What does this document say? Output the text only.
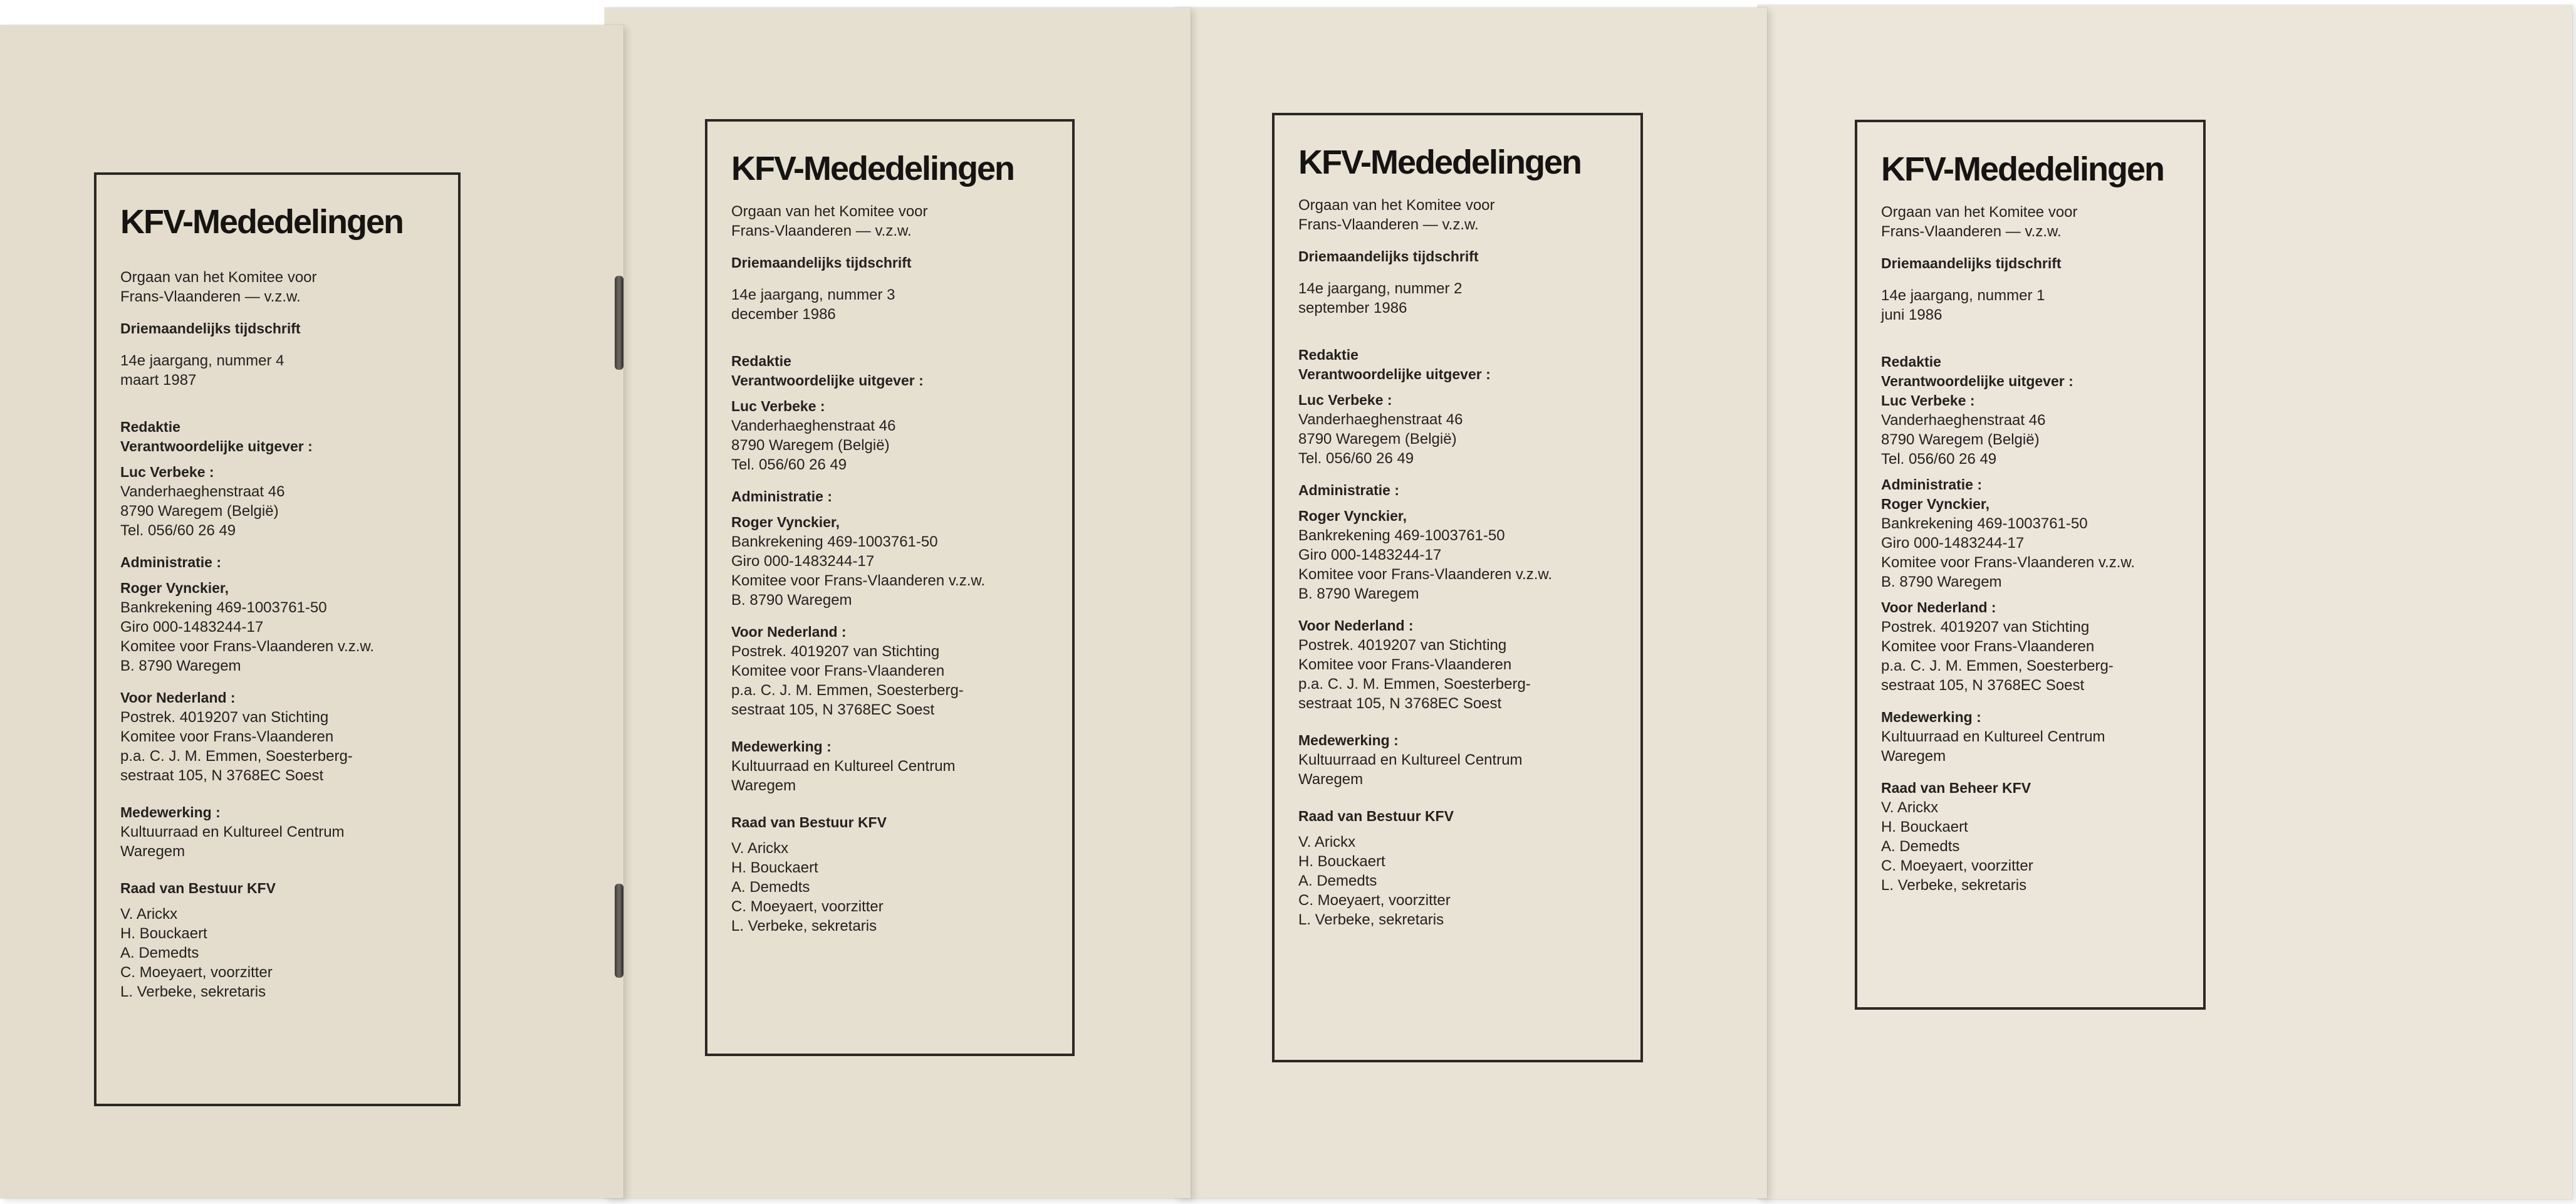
KFV-Mededelingen
Orgaan van het Komitee voor
Frans-Vlaanderen — v.z.w.
Driemaandelijks tijdschrift
14e jaargang, nummer 1
juni 1986
Redaktie
Verantwoordelijke uitgever :
Luc Verbeke :
Vanderhaeghenstraat 46
8790 Waregem (België)
Tel. 056/60 26 49
Administratie :
Roger Vynckier,
Bankrekening 469-1003761-50
Giro 000-1483244-17
Komitee voor Frans-Vlaanderen v.z.w.
B. 8790 Waregem
Voor Nederland :
Postrek. 4019207 van Stichting
Komitee voor Frans-Vlaanderen
p.a. C. J. M. Emmen, Soesterberg-
sestraat 105, N 3768EC Soest
Medewerking :
Kultuurraad en Kultureel Centrum
Waregem
Raad van Beheer KFV
V. Arickx
H. Bouckaert
A. Demedts
C. Moeyaert, voorzitter
L. Verbeke, sekretaris
KFV-Mededelingen
Orgaan van het Komitee voor
Frans-Vlaanderen — v.z.w.
Driemaandelijks tijdschrift
14e jaargang, nummer 2
september 1986
Redaktie
Verantwoordelijke uitgever :
Luc Verbeke :
Vanderhaeghenstraat 46
8790 Waregem (België)
Tel. 056/60 26 49
Administratie :
Roger Vynckier,
Bankrekening 469-1003761-50
Giro 000-1483244-17
Komitee voor Frans-Vlaanderen v.z.w.
B. 8790 Waregem
Voor Nederland :
Postrek. 4019207 van Stichting
Komitee voor Frans-Vlaanderen
p.a. C. J. M. Emmen, Soesterberg-
sestraat 105, N 3768EC Soest
Medewerking :
Kultuurraad en Kultureel Centrum
Waregem
Raad van Bestuur KFV
V. Arickx
H. Bouckaert
A. Demedts
C. Moeyaert, voorzitter
L. Verbeke, sekretaris
KFV-Mededelingen
Orgaan van het Komitee voor
Frans-Vlaanderen — v.z.w.
Driemaandelijks tijdschrift
14e jaargang, nummer 3
december 1986
Redaktie
Verantwoordelijke uitgever :
Luc Verbeke :
Vanderhaeghenstraat 46
8790 Waregem (België)
Tel. 056/60 26 49
Administratie :
Roger Vynckier,
Bankrekening 469-1003761-50
Giro 000-1483244-17
Komitee voor Frans-Vlaanderen v.z.w.
B. 8790 Waregem
Voor Nederland :
Postrek. 4019207 van Stichting
Komitee voor Frans-Vlaanderen
p.a. C. J. M. Emmen, Soesterberg-
sestraat 105, N 3768EC Soest
Medewerking :
Kultuurraad en Kultureel Centrum
Waregem
Raad van Bestuur KFV
V. Arickx
H. Bouckaert
A. Demedts
C. Moeyaert, voorzitter
L. Verbeke, sekretaris
KFV-Mededelingen
Orgaan van het Komitee voor
Frans-Vlaanderen — v.z.w.
Driemaandelijks tijdschrift
14e jaargang, nummer 4
maart 1987
Redaktie
Verantwoordelijke uitgever :
Luc Verbeke :
Vanderhaeghenstraat 46
8790 Waregem (België)
Tel. 056/60 26 49
Administratie :
Roger Vynckier,
Bankrekening 469-1003761-50
Giro 000-1483244-17
Komitee voor Frans-Vlaanderen v.z.w.
B. 8790 Waregem
Voor Nederland :
Postrek. 4019207 van Stichting
Komitee voor Frans-Vlaanderen
p.a. C. J. M. Emmen, Soesterberg-
sestraat 105, N 3768EC Soest
Medewerking :
Kultuurraad en Kultureel Centrum
Waregem
Raad van Bestuur KFV
V. Arickx
H. Bouckaert
A. Demedts
C. Moeyaert, voorzitter
L. Verbeke, sekretaris
